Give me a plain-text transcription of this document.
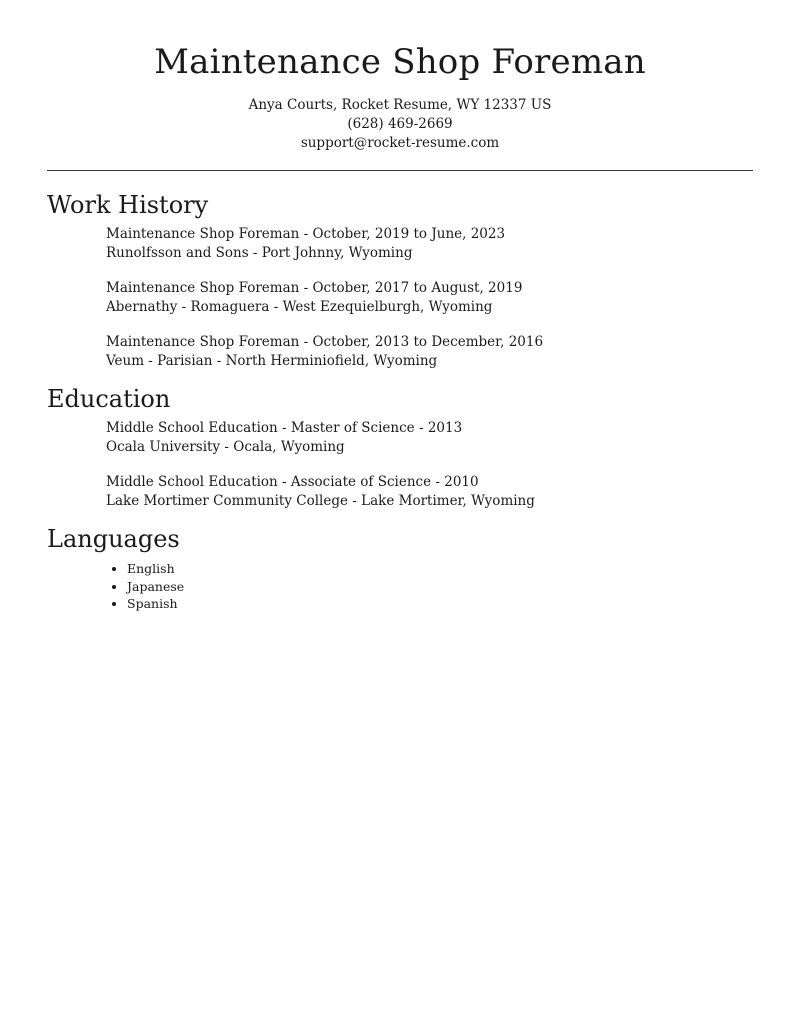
Maintenance Shop Foreman
Anya Courts, Rocket Resume, WY 12337 US
(628) 469-2669
support@rocket-resume.com
Work History
Maintenance Shop Foreman - October, 2019 to June, 2023
Runolfsson and Sons - Port Johnny, Wyoming
Maintenance Shop Foreman - October, 2017 to August, 2019
Abernathy - Romaguera - West Ezequielburgh, Wyoming
Maintenance Shop Foreman - October, 2013 to December, 2016
Veum - Parisian - North Herminiofield, Wyoming
Education
Middle School Education - Master of Science - 2013
Ocala University - Ocala, Wyoming
Middle School Education - Associate of Science - 2010
Lake Mortimer Community College - Lake Mortimer, Wyoming
Languages
• English
• Japanese
• Spanish
